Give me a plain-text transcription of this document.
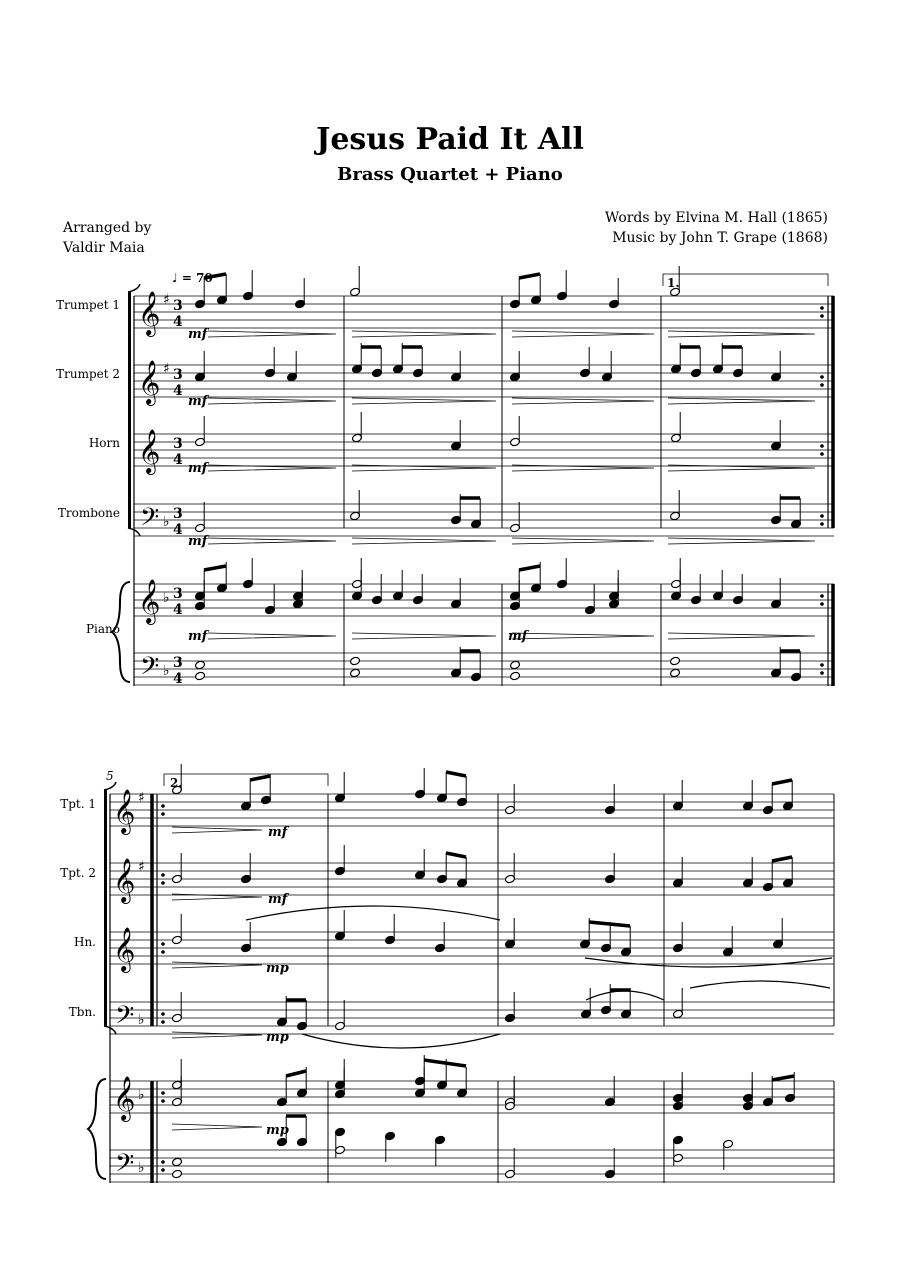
Jesus Paid It All
Brass Quartet + Piano
Arranged by
Valdir Maia
Words by Elvina M. Hall (1865)
Music by John T. Grape (1868)
𝄞
𝄞
𝄞
𝄞
𝄢
𝄢
♯
♯
♭
♭
♭
3
4
3
4
3
4
3
4
3
4
3
4
𝄞
𝄞
𝄞
𝄞
𝄢
𝄢
♯
♯
♭
♭
♭
♩ = 70
Trumpet 1
Trumpet 2
Horn
Trombone
Piano
1.
mf
mf
mf
mf
mf	mf
5	2.
Tpt. 1
Tpt. 2
Hn.
Tbn.
mf
mf
mp
mp
mp
